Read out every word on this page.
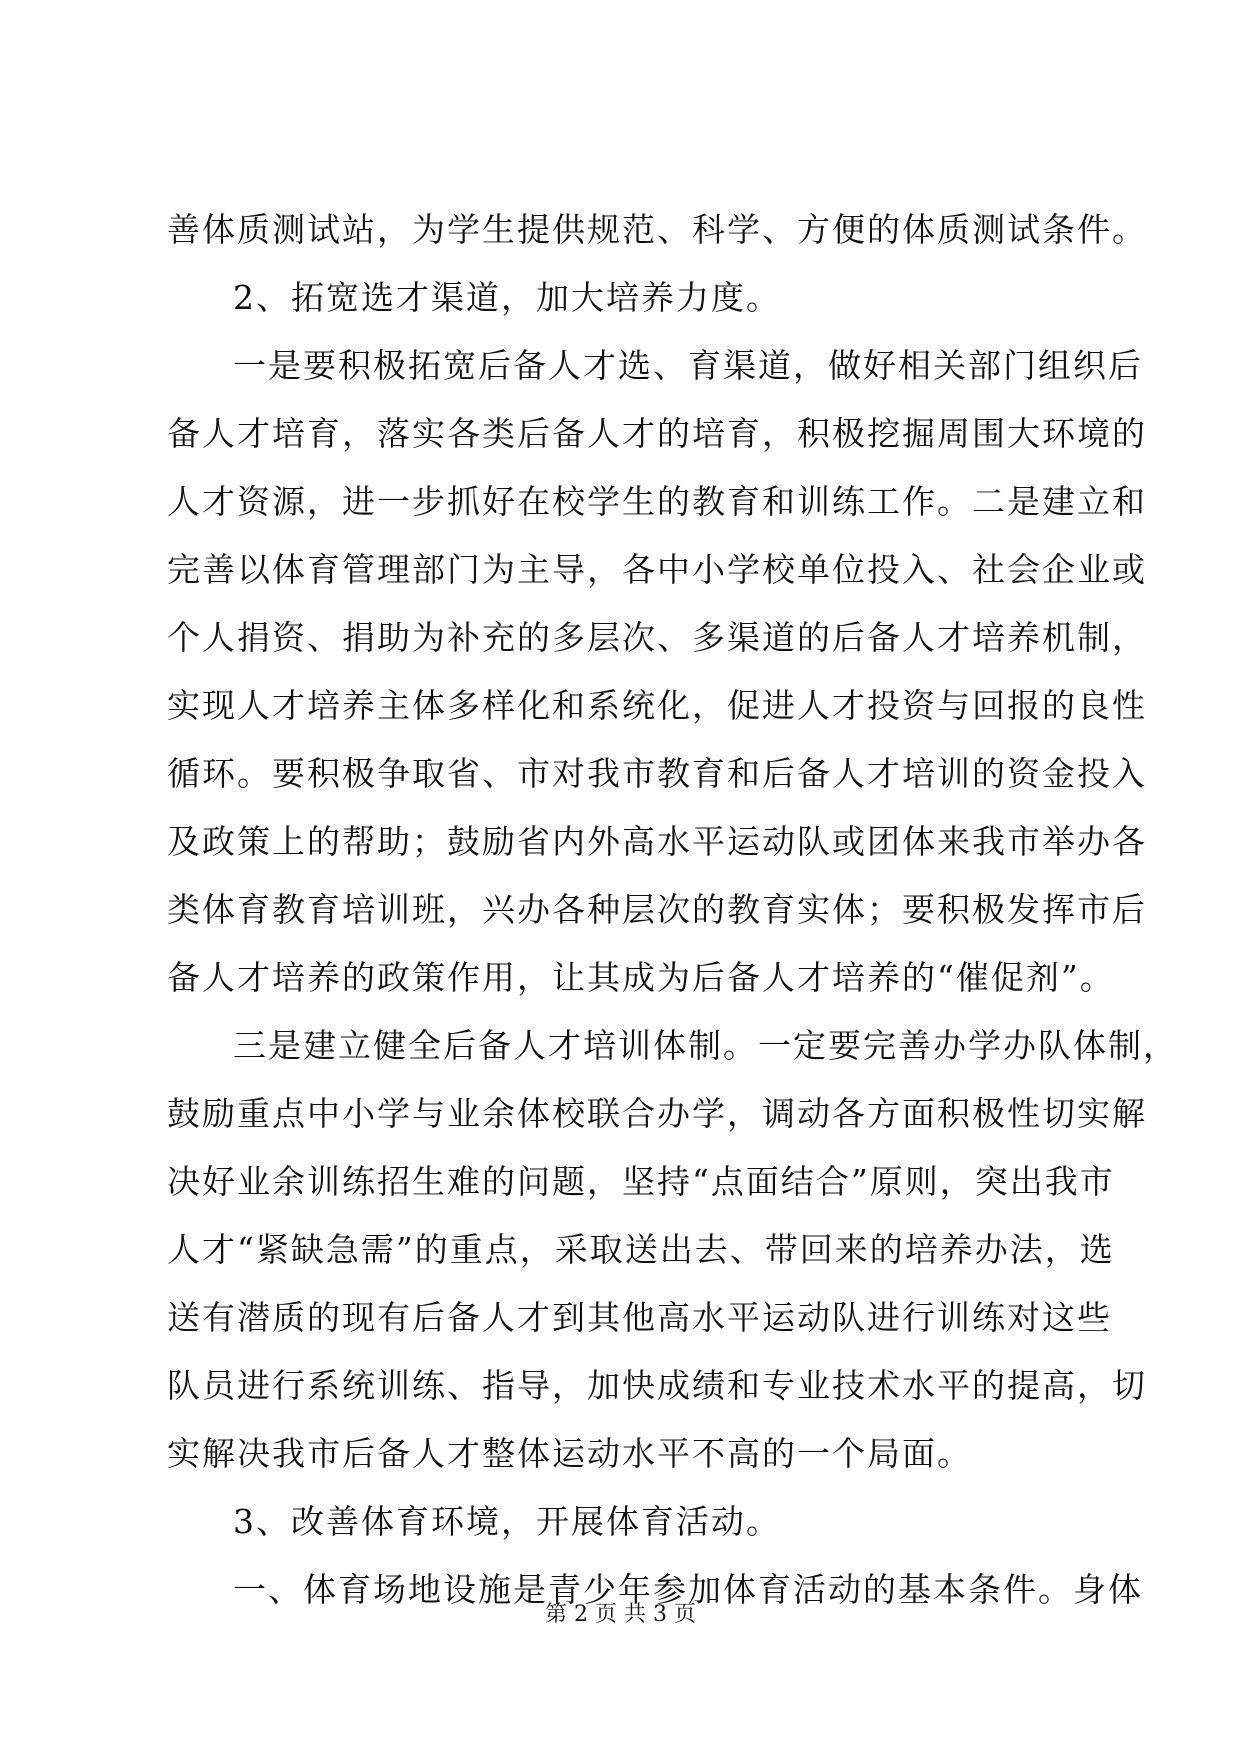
善体质测试站，为学生提供规范、科学、方便的体质测试条件。
2、拓宽选才渠道，加大培养力度。
一是要积极拓宽后备人才选、育渠道，做好相关部门组织后
备人才培育，落实各类后备人才的培育，积极挖掘周围大环境的
人才资源，进一步抓好在校学生的教育和训练工作。二是建立和
完善以体育管理部门为主导，各中小学校单位投入、社会企业或
个人捐资、捐助为补充的多层次、多渠道的后备人才培养机制，
实现人才培养主体多样化和系统化，促进人才投资与回报的良性
循环。要积极争取省、市对我市教育和后备人才培训的资金投入
及政策上的帮助；鼓励省内外高水平运动队或团体来我市举办各
类体育教育培训班，兴办各种层次的教育实体；要积极发挥市后
备人才培养的政策作用，让其成为后备人才培养的“催促剂”。
三是建立健全后备人才培训体制。一定要完善办学办队体制，
鼓励重点中小学与业余体校联合办学，调动各方面积极性切实解
决好业余训练招生难的问题，坚持“点面结合”原则，突出我市
人才“紧缺急需”的重点，采取送出去、带回来的培养办法，选
送有潜质的现有后备人才到其他高水平运动队进行训练对这些
队员进行系统训练、指导，加快成绩和专业技术水平的提高，切
实解决我市后备人才整体运动水平不高的一个局面。
3、改善体育环境，开展体育活动。
一、体育场地设施是青少年参加体育活动的基本条件。身体
第 2 页 共 3 页
